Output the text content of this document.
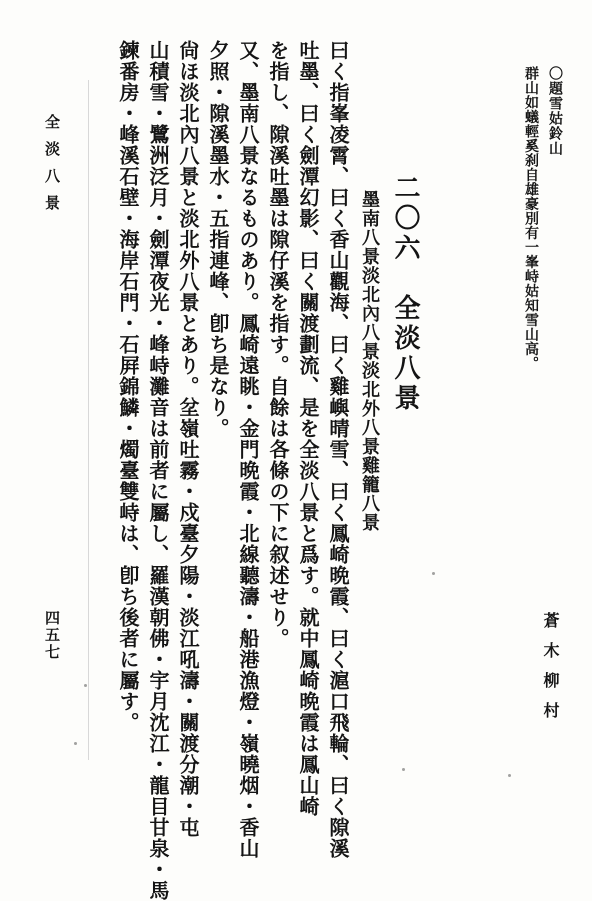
〇題雪姑鈴山
群山如蟻輕奚刹自雄豪別有一峯峙姑知雪山高。
蒼木柳村
二〇六　全淡八景
墨南八景淡北內八景淡北外八景雞籠八景
曰く指峯凌霄、曰く香山觀海、曰く雞嶼晴雪、曰く鳳崎晩霞、曰く滬口飛輪、曰く隙溪
吐墨、曰く劍潭幻影、曰く關渡劃流、是を全淡八景と爲す。就中鳳崎晩霞は鳳山崎
を指し、隙溪吐墨は隙仔溪を指す。自餘は各條の下に叙述せり。
又、墨南八景なるものあり。鳳崎遠眺・金門晩霞・北線聽濤・船港漁燈・嶺曉烟・香山
夕照・隙溪墨水・五指連峰、卽ち是なり。
尙ほ淡北內八景と淡北外八景とあり。坌嶺吐霧・戍臺夕陽・淡江吼濤・關渡分潮・屯
山積雪・鷺洲泛月・劍潭夜光・峰峙灘音は前者に屬し、羅漢朝佛・宇月沈江・龍目甘泉・馬
鍊番房・峰溪石壁・海岸石門・石屛錦鱗・燭臺雙峙は、卽ち後者に屬す。
全淡八景
四五七
